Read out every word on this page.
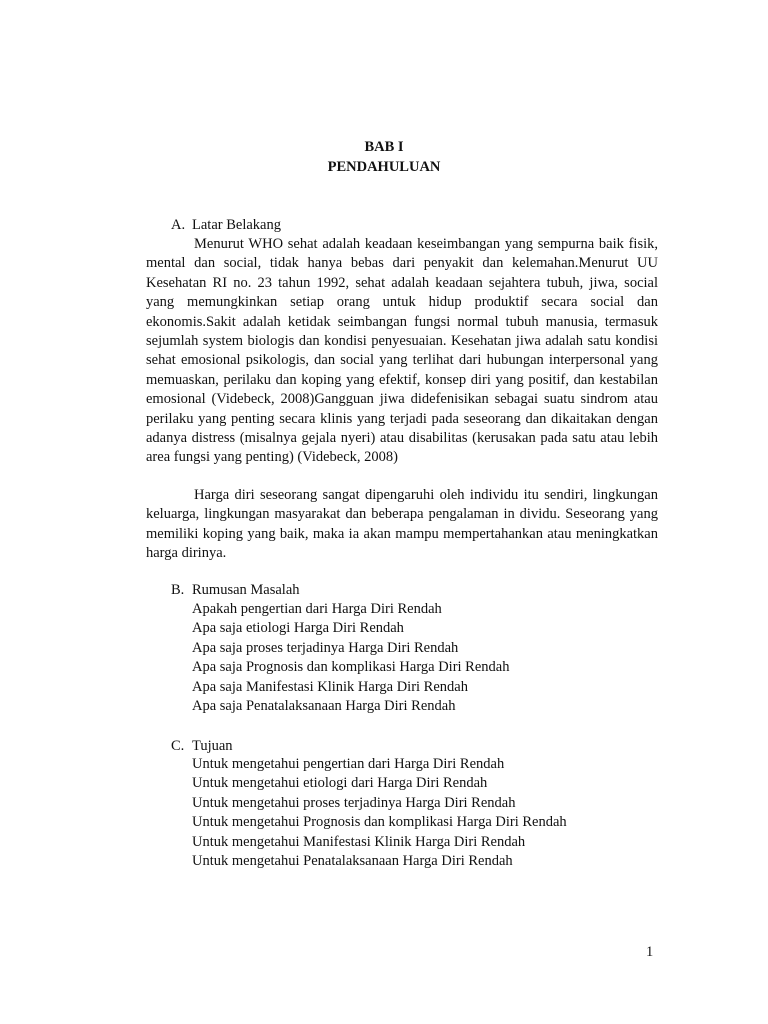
BAB I
PENDAHULUAN
A. Latar Belakang

Menurut WHO sehat adalah keadaan keseimbangan yang sempurna baik fisik, mental dan social, tidak hanya bebas dari penyakit dan kelemahan.Menurut UU Kesehatan RI no. 23 tahun 1992, sehat adalah keadaan sejahtera tubuh, jiwa, social yang memungkinkan setiap orang untuk hidup produktif secara social dan ekonomis.Sakit adalah ketidak seimbangan fungsi normal tubuh manusia, termasuk sejumlah system biologis dan kondisi penyesuaian. Kesehatan jiwa adalah satu kondisi sehat emosional psikologis, dan social yang terlihat dari hubungan interpersonal yang memuaskan, perilaku dan koping yang efektif, konsep diri yang positif, dan kestabilan emosional (Videbeck, 2008)Gangguan jiwa didefenisikan sebagai suatu sindrom atau perilaku yang penting secara klinis yang terjadi pada seseorang dan dikaitakan dengan adanya distress (misalnya gejala nyeri) atau disabilitas (kerusakan pada satu atau lebih area fungsi yang penting) (Videbeck, 2008)

Harga diri seseorang sangat dipengaruhi oleh individu itu sendiri, lingkungan keluarga, lingkungan masyarakat dan beberapa pengalaman in dividu. Seseorang yang memiliki koping yang baik, maka ia akan mampu mempertahankan atau meningkatkan harga dirinya.

B. Rumusan Masalah
Apakah pengertian dari Harga Diri Rendah
Apa saja etiologi Harga Diri Rendah
Apa saja proses terjadinya Harga Diri Rendah
Apa saja Prognosis dan komplikasi Harga Diri Rendah
Apa saja Manifestasi Klinik Harga Diri Rendah
Apa saja Penatalaksanaan Harga Diri Rendah
C. Tujuan
Untuk mengetahui pengertian dari Harga Diri Rendah
Untuk mengetahui etiologi dari Harga Diri Rendah
Untuk mengetahui proses terjadinya Harga Diri Rendah
Untuk mengetahui Prognosis dan komplikasi Harga Diri Rendah
Untuk mengetahui Manifestasi Klinik Harga Diri Rendah
Untuk mengetahui Penatalaksanaan Harga Diri Rendah
1
